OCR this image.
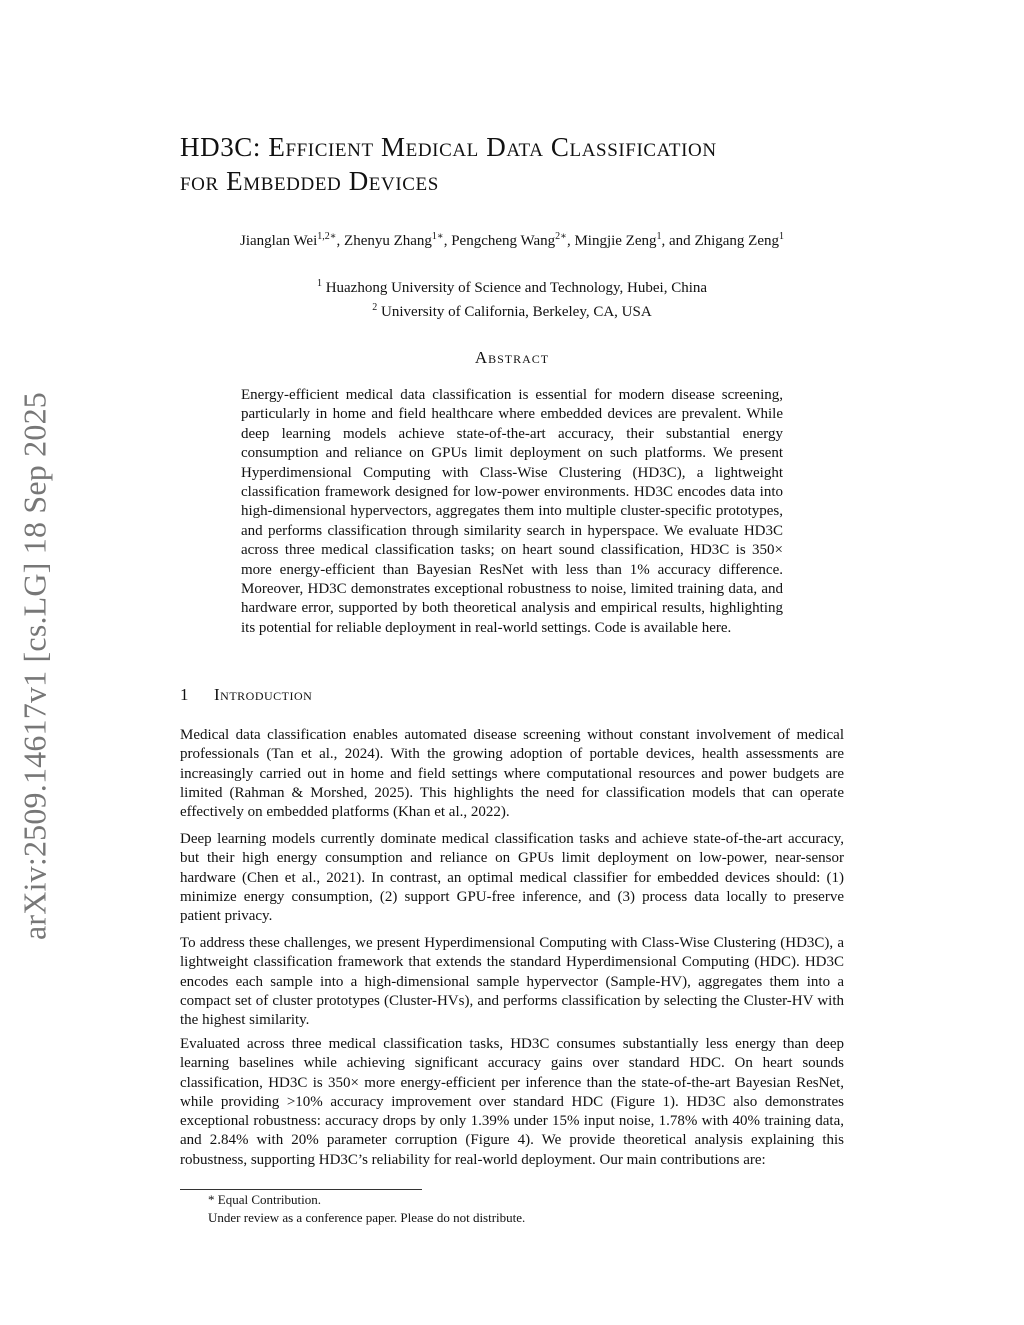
arXiv:2509.14617v1 [cs.LG] 18 Sep 2025
HD3C: Efficient Medical Data Classification
for Embedded Devices
Jianglan Wei$^{1,2∗}$, Zhenyu Zhang$^{1∗}$, Pengcheng Wang$^{2∗}$, Mingjie Zeng$^1$, and Zhigang Zeng$^1$
$^1$ Huazhong University of Science and Technology, Hubei, China
$^2$ University of California, Berkeley, CA, USA
Abstract

Energy-efficient medical data classification is essential for modern disease screening, particularly in home and field healthcare where embedded devices are prevalent. While deep learning models achieve state-of-the-art accuracy, their substantial energy consumption and reliance on GPUs limit deployment on such platforms. We present Hyperdimensional Computing with Class-Wise Clustering (HD3C), a lightweight classification framework designed for low-power environments. HD3C encodes data into high-dimensional hypervectors, aggregates them into multiple cluster-specific prototypes, and performs classification through similarity search in hyperspace. We evaluate HD3C across three medical classification tasks; on heart sound classification, HD3C is 350× more energy-efficient than Bayesian ResNet with less than 1% accuracy difference. Moreover, HD3C demonstrates exceptional robustness to noise, limited training data, and hardware error, supported by both theoretical analysis and empirical results, highlighting its potential for reliable deployment in real-world settings. Code is available here.

1 Introduction

Medical data classification enables automated disease screening without constant involvement of medical professionals (Tan et al., 2024). With the growing adoption of portable devices, health assessments are increasingly carried out in home and field settings where computational resources and power budgets are limited (Rahman & Morshed, 2025). This highlights the need for classification models that can operate effectively on embedded platforms (Khan et al., 2022).

Deep learning models currently dominate medical classification tasks and achieve state-of-the-art accuracy, but their high energy consumption and reliance on GPUs limit deployment on low-power, near-sensor hardware (Chen et al., 2021). In contrast, an optimal medical classifier for embedded devices should: (1) minimize energy consumption, (2) support GPU-free inference, and (3) process data locally to preserve patient privacy.

To address these challenges, we present Hyperdimensional Computing with Class-Wise Clustering (HD3C), a lightweight classification framework that extends the standard Hyperdimensional Computing (HDC). HD3C encodes each sample into a high-dimensional sample hypervector (Sample-HV), aggregates them into a compact set of cluster prototypes (Cluster-HVs), and performs classification by selecting the Cluster-HV with the highest similarity.

Evaluated across three medical classification tasks, HD3C consumes substantially less energy than deep learning baselines while achieving significant accuracy gains over standard HDC. On heart sounds classification, HD3C is 350× more energy-efficient per inference than the state-of-the-art Bayesian ResNet, while providing >10% accuracy improvement over standard HDC (Figure 1). HD3C also demonstrates exceptional robustness: accuracy drops by only 1.39% under 15% input noise, 1.78% with 40% training data, and 2.84% with 20% parameter corruption (Figure 4). We provide theoretical analysis explaining this robustness, supporting HD3C’s reliability for real-world deployment. Our main contributions are:

* Equal Contribution.

Under review as a conference paper. Please do not distribute.
